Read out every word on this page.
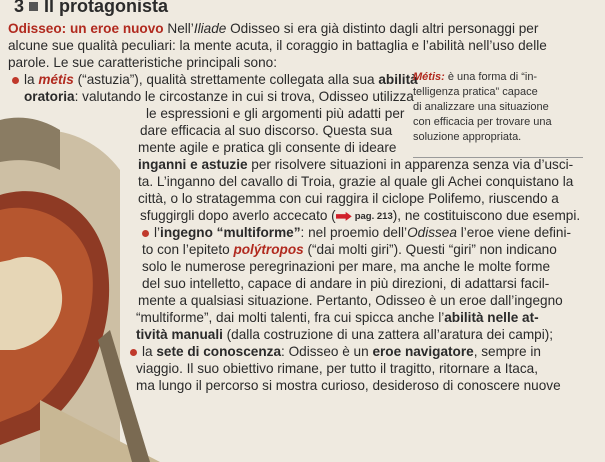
3 Il protagonista
Odisseo: un eroe nuovo Nell’Iliade Odisseo si era già distinto dagli altri personaggi per
alcune sue qualità peculiari: la mente acuta, il coraggio in battaglia e l’abilità nell’uso delle
parole. Le sue caratteristiche principali sono:
la métis (“astuzia”), qualità strettamente collegata alla sua abilità
oratoria: valutando le circostanze in cui si trova, Odisseo utilizza
le espressioni e gli argomenti più adatti per
dare efficacia al suo discorso. Questa sua
mente agile e pratica gli consente di ideare
inganni e astuzie per risolvere situazioni in apparenza senza via d’usci-
ta. L’inganno del cavallo di Troia, grazie al quale gli Achei conquistano la
città, o lo stratagemma con cui raggira il ciclope Polifemo, riuscendo a
sfuggirgli dopo averlo accecato ( pag. 213 ), ne costituiscono due esempi.
l’ingegno “multiforme”: nel proemio dell’Odissea l’eroe viene defini-
to con l’epiteto polýtropos (“dai molti giri”). Questi “giri” non indicano
solo le numerose peregrinazioni per mare, ma anche le molte forme
del suo intelletto, capace di andare in più direzioni, di adattarsi facil-
mente a qualsiasi situazione. Pertanto, Odisseo è un eroe dall’ingegno
“multiforme”, dai molti talenti, fra cui spicca anche l’abilità nelle at-
tività manuali (dalla costruzione di una zattera all’aratura dei campi);
la sete di conoscenza: Odisseo è un eroe navigatore, sempre in
viaggio. Il suo obiettivo rimane, per tutto il tragitto, ritornare a Itaca,
ma lungo il percorso si mostra curioso, desideroso di conoscere nuove
Métis: è una forma di “in-
telligenza pratica” capace
di analizzare una situazione
con efficacia per trovare una
soluzione appropriata.
